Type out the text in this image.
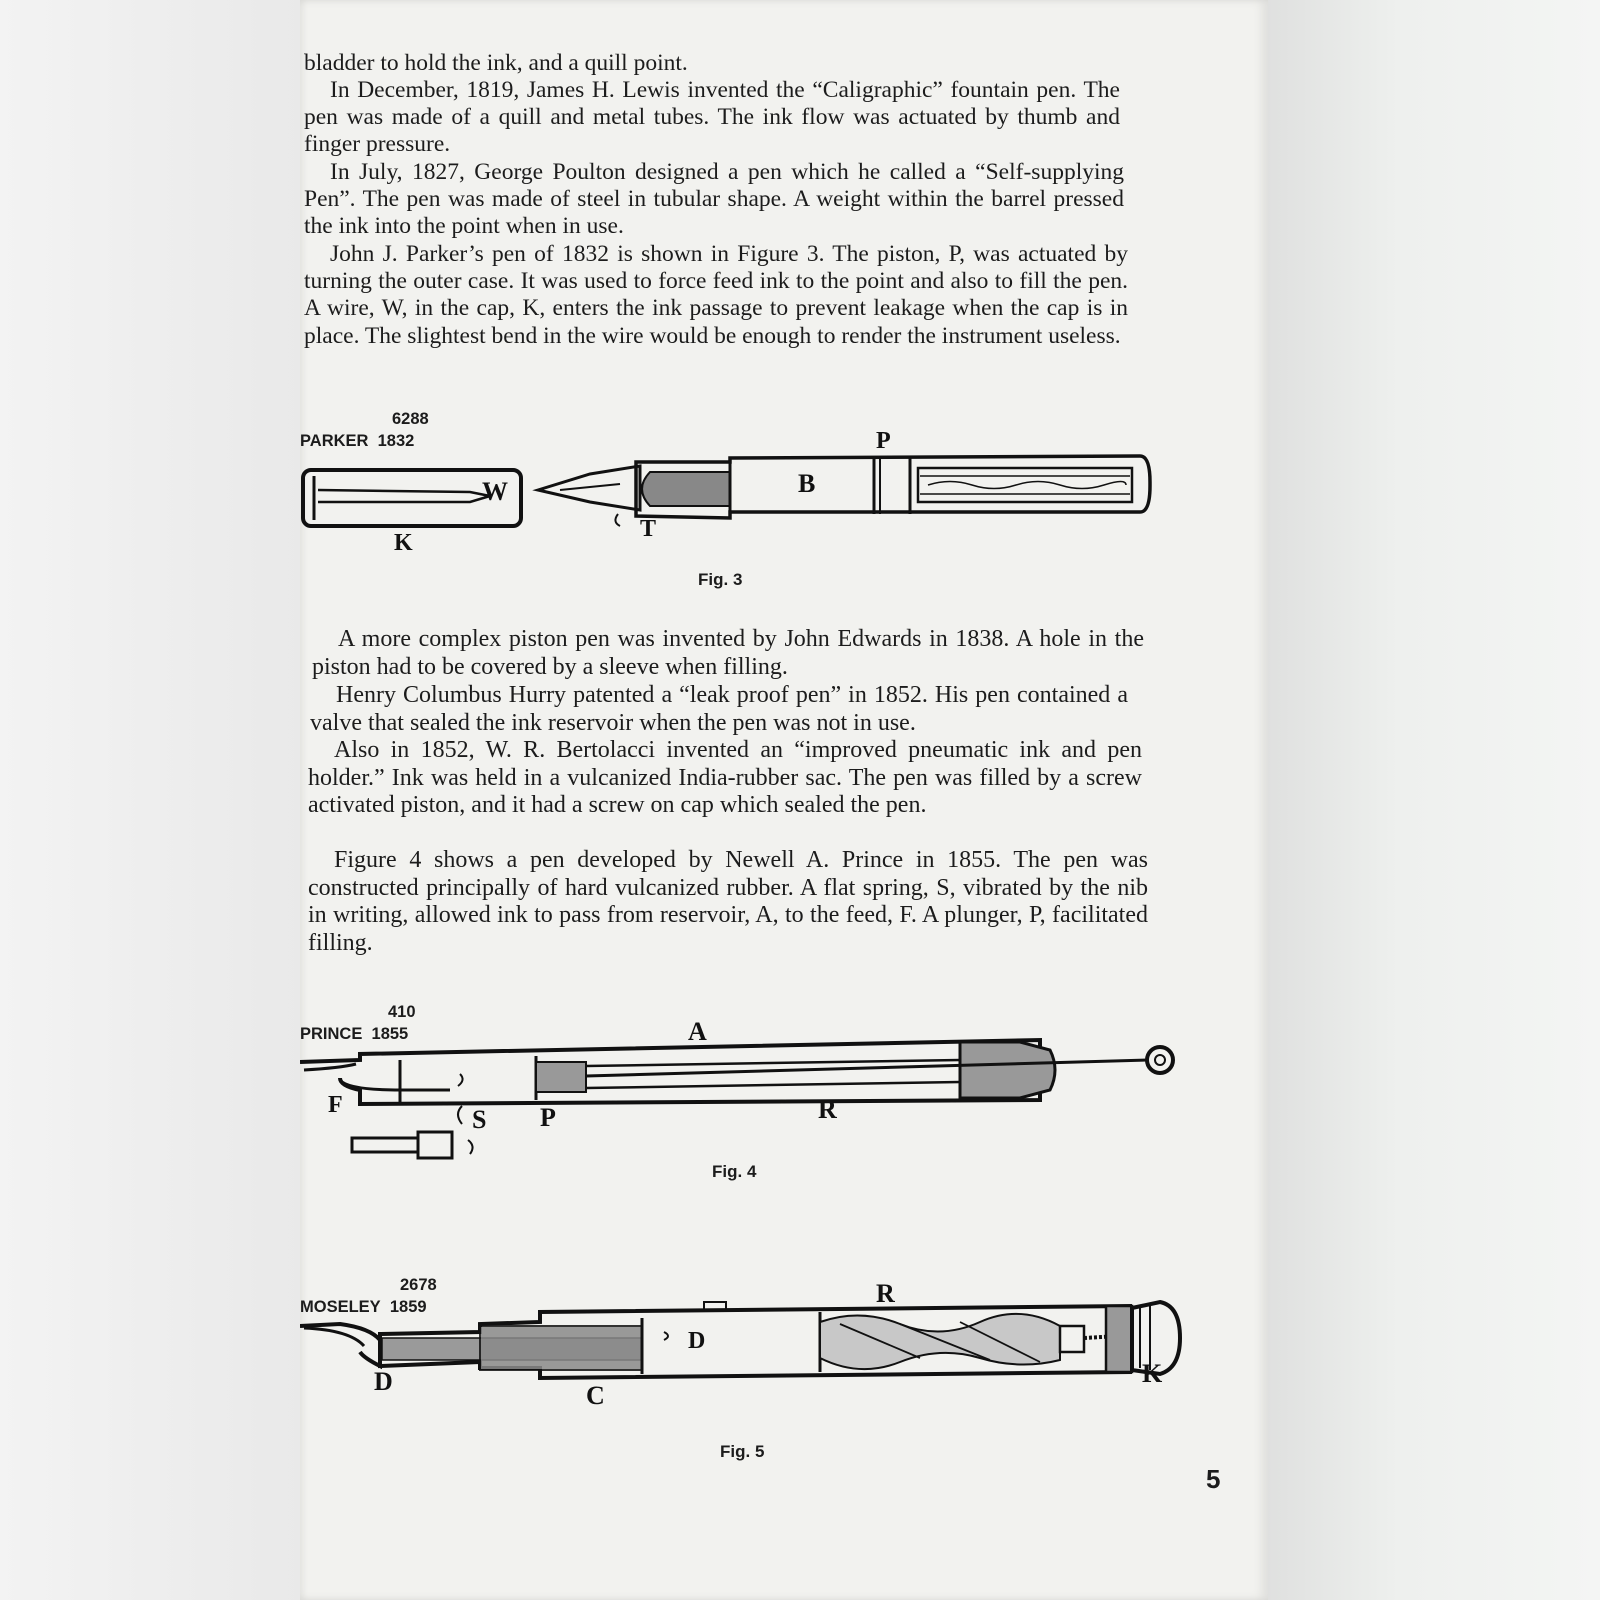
bladder to hold the ink, and a quill point.

In December, 1819, James H. Lewis invented the “Caligraphic” fountain pen. The pen was made of a quill and metal tubes. The ink flow was actuated by thumb and finger pressure.

In July, 1827, George Poulton designed a pen which he called a “Self-supplying Pen”. The pen was made of steel in tubular shape. A weight within the barrel pressed the ink into the point when in use.

John J. Parker’s pen of 1832 is shown in Figure 3. The piston, P, was actuated by turning the outer case. It was used to force feed ink to the point and also to fill the pen. A wire, W, in the cap, K, enters the ink passage to prevent leakage when the cap is in place. The slightest bend in the wire would be enough to render the instrument useless.

6288
PARKER 1832
W
K
T
B
P
Fig. 3

A more complex piston pen was invented by John Edwards in 1838. A hole in the piston had to be covered by a sleeve when filling.

Henry Columbus Hurry patented a “leak proof pen” in 1852. His pen contained a valve that sealed the ink reservoir when the pen was not in use.

Also in 1852, W. R. Bertolacci invented an “improved pneumatic ink and pen holder.” Ink was held in a vulcanized India-rubber sac. The pen was filled by a screw activated piston, and it had a screw on cap which sealed the pen.

Figure 4 shows a pen developed by Newell A. Prince in 1855. The pen was constructed principally of hard vulcanized rubber. A flat spring, S, vibrated by the nib in writing, allowed ink to pass from reservoir, A, to the feed, F. A plunger, P, facilitated filling.

410
PRINCE 1855	A
F	S P	R
Fig. 4
2678
MOSELEY 1859	R
D
D	C
K
Fig. 5
5
